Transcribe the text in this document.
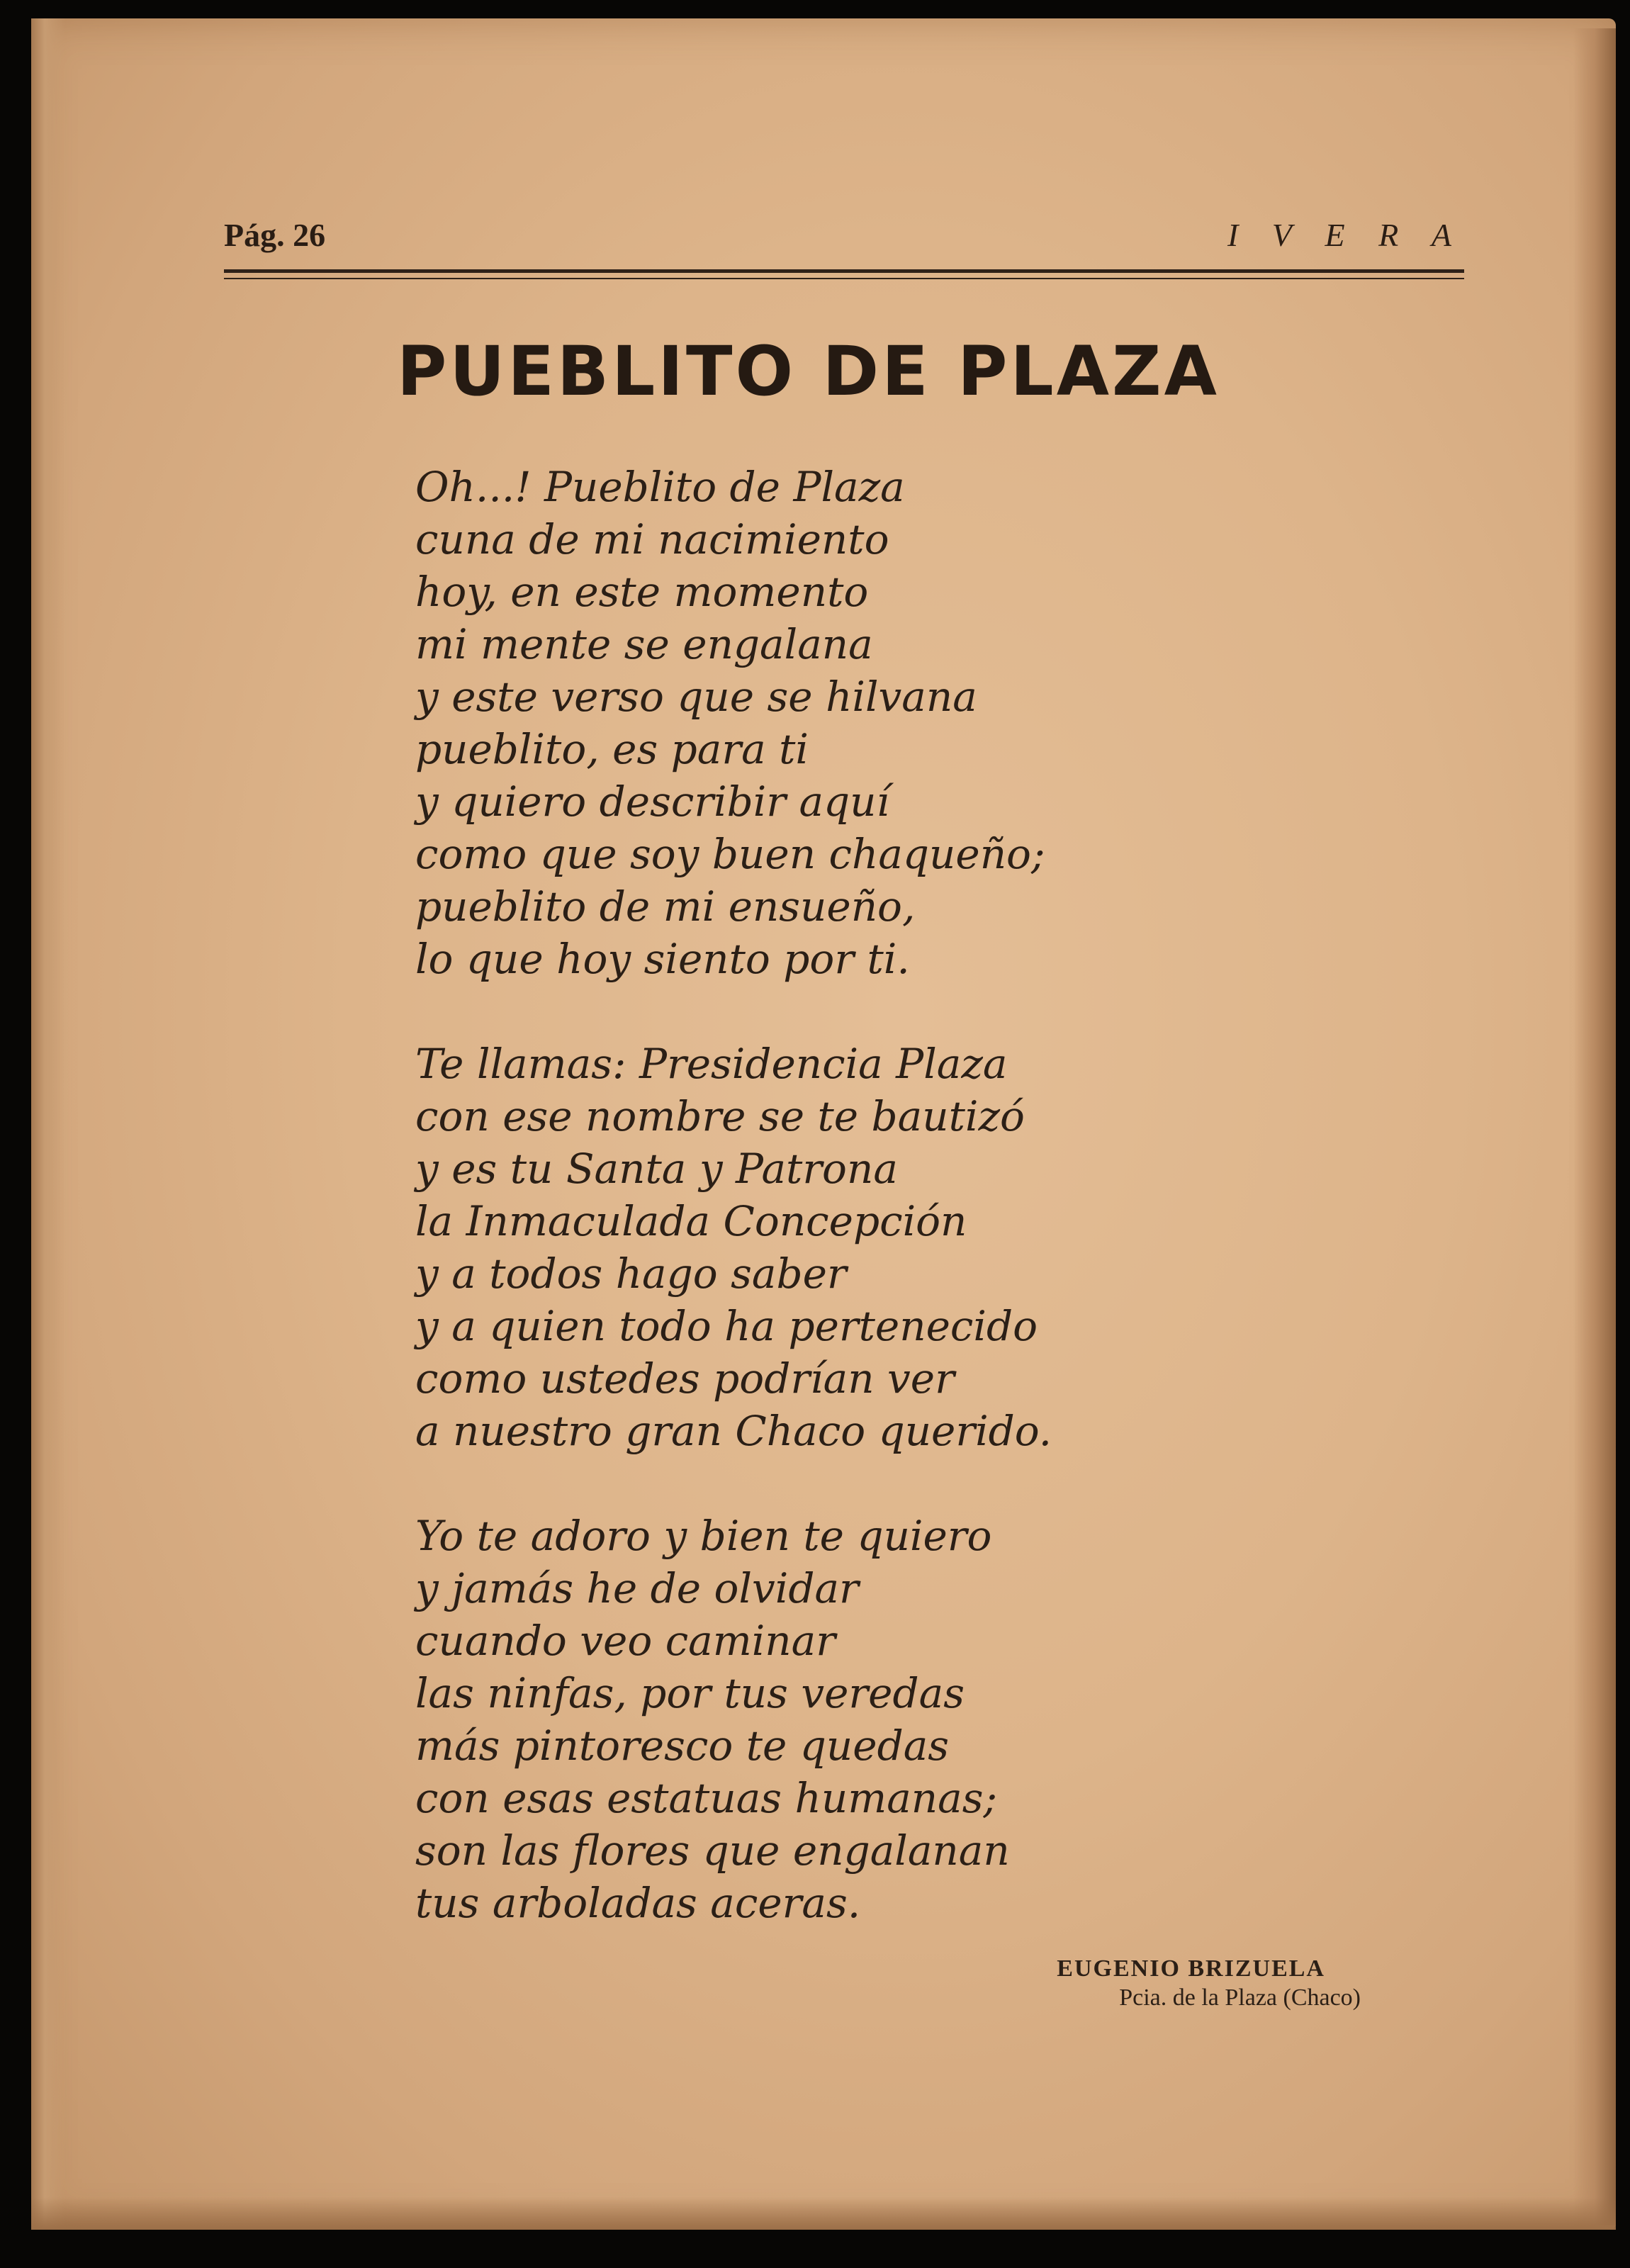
Pág. 26	I V E R A
PUEBLITO DE PLAZA
Oh...! Pueblito de Plaza
cuna de mi nacimiento
hoy, en este momento
mi mente se engalana
y este verso que se hilvana
pueblito, es para ti
y quiero describir aquí
como que soy buen chaqueño;
pueblito de mi ensueño,
lo que hoy siento por ti.
Te llamas: Presidencia Plaza
con ese nombre se te bautizó
y es tu Santa y Patrona
la Inmaculada Concepción
y a todos hago saber
y a quien todo ha pertenecido
como ustedes podrían ver
a nuestro gran Chaco querido.
Yo te adoro y bien te quiero
y jamás he de olvidar
cuando veo caminar
las ninfas, por tus veredas
más pintoresco te quedas
con esas estatuas humanas;
son las flores que engalanan
tus arboladas aceras.
EUGENIO BRIZUELA
Pcia. de la Plaza (Chaco)
